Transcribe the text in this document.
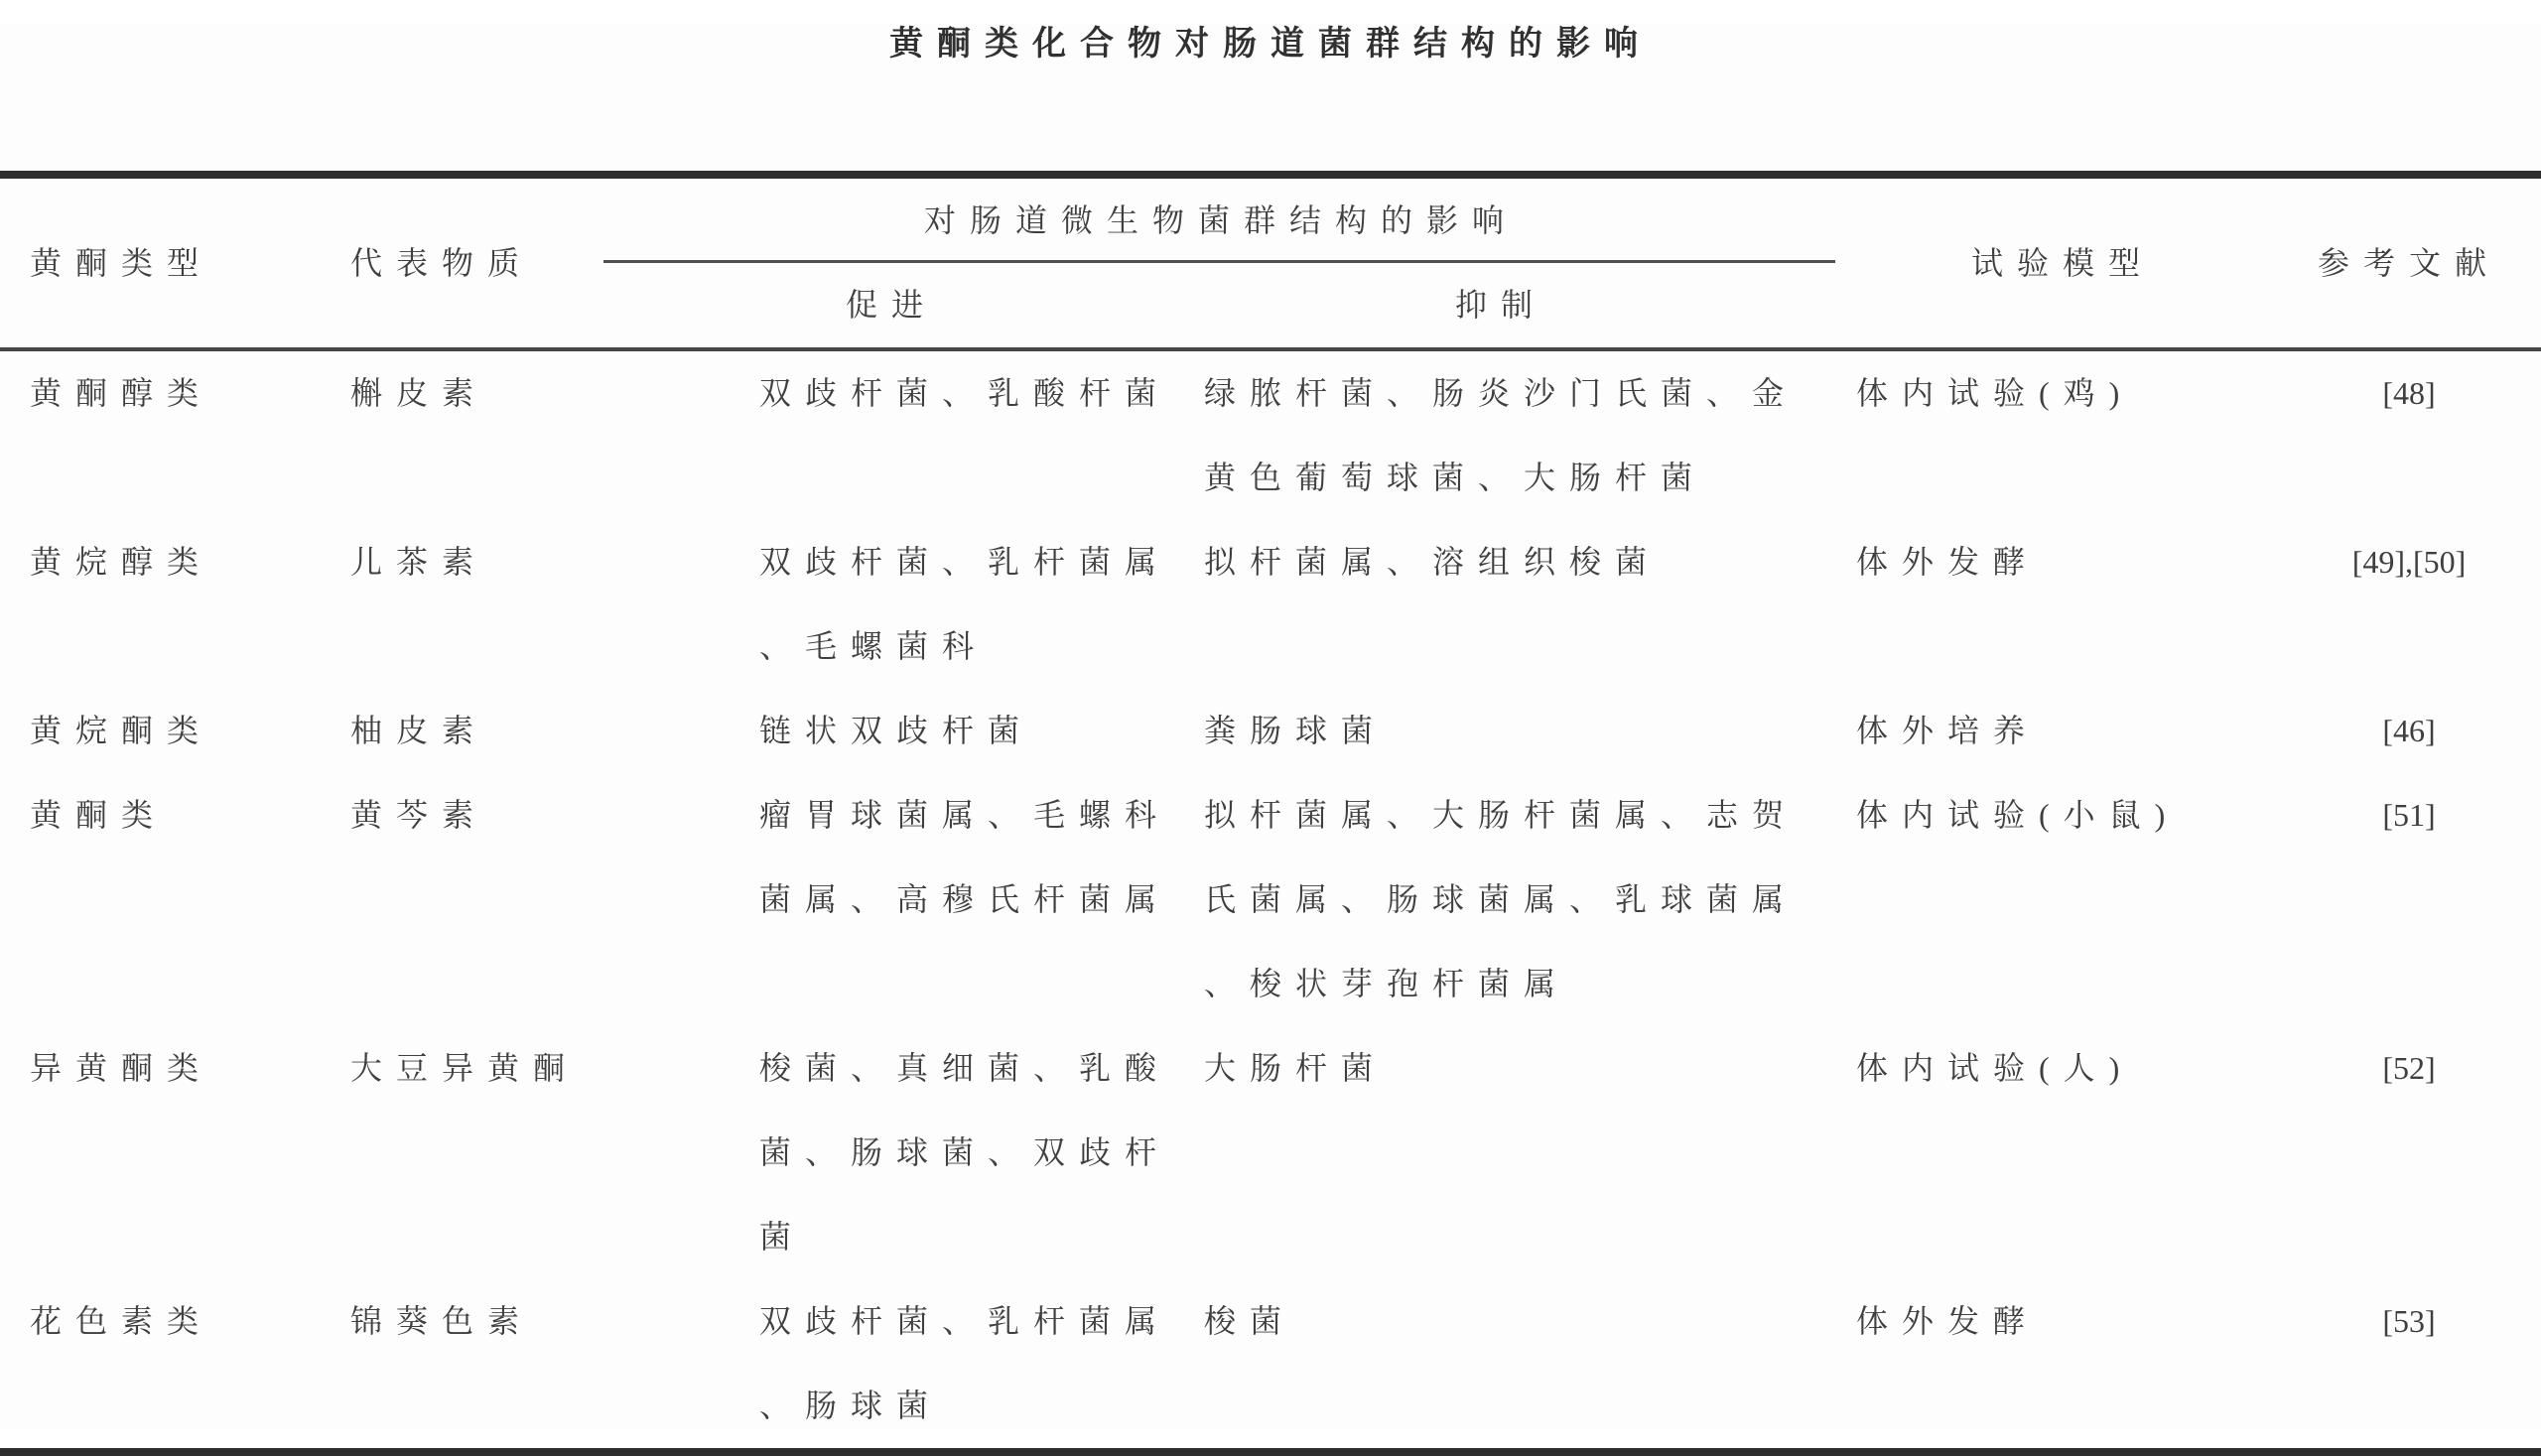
黄酮类化合物对肠道菌群结构的影响
黄酮类型	代表物质	对肠道微生物菌群结构的影响		试验模型	参考文献
		促进	抑制		
黄酮醇类	槲皮素	双歧杆菌、乳酸杆菌	绿脓杆菌、肠炎沙门氏菌、金黄色葡萄球菌、大肠杆菌	体内试验(鸡)	[48]
黄烷醇类	儿茶素	双歧杆菌、乳杆菌属、毛螺菌科	拟杆菌属、溶组织梭菌	体外发酵	[49],[50]
黄烷酮类	柚皮素	链状双歧杆菌	粪肠球菌	体外培养	[46]
黄酮类	黄芩素	瘤胃球菌属、毛螺科菌属、高穆氏杆菌属	拟杆菌属、大肠杆菌属、志贺氏菌属、肠球菌属、乳球菌属、梭状芽孢杆菌属	体内试验(小鼠)	[51]
异黄酮类	大豆异黄酮	梭菌、真细菌、乳酸菌、肠球菌、双歧杆菌	大肠杆菌	体内试验(人)	[52]
花色素类	锦葵色素	双歧杆菌、乳杆菌属、肠球菌	梭菌	体外发酵	[53]
